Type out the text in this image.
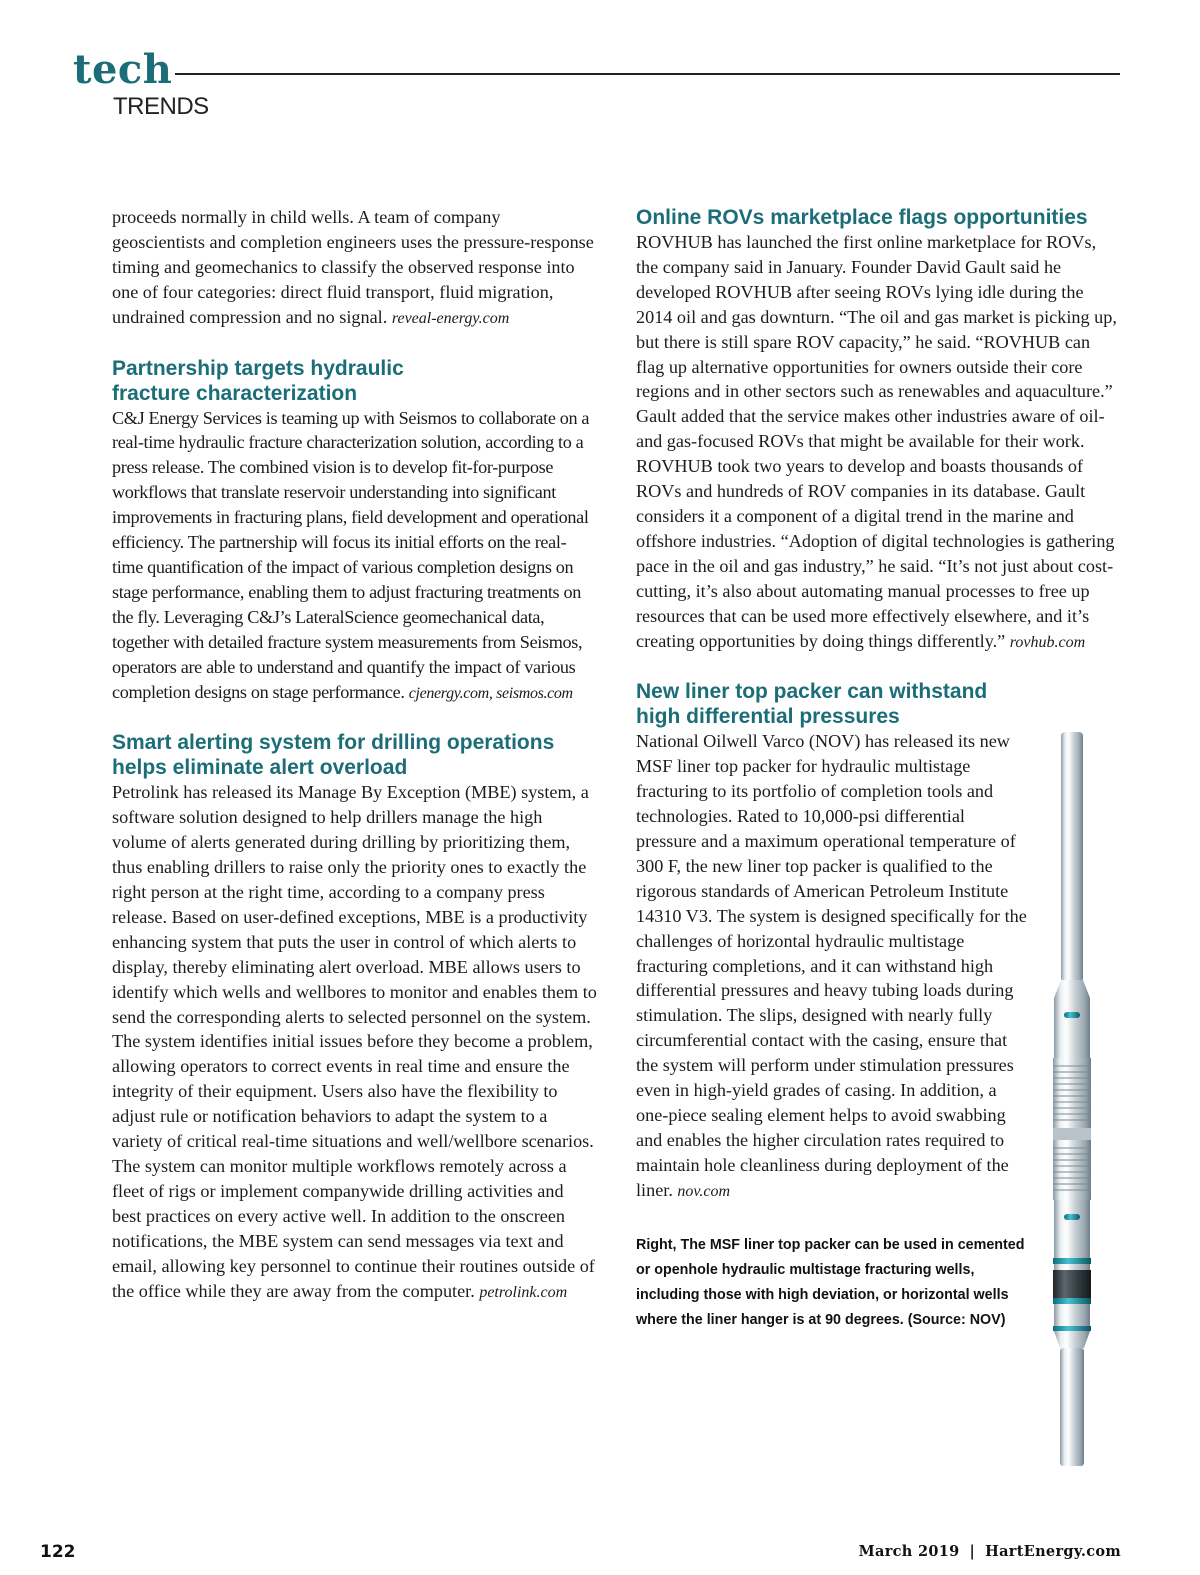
tech
TRENDS

proceeds normally in child wells. A team of company geoscientists and completion engineers uses the pressure-response timing and geomechanics to classify the observed response into one of four categories: direct fluid transport, fluid migration, undrained compression and no signal. reveal-energy.com

Partnership targets hydraulic fracture characterization

C&J Energy Services is teaming up with Seismos to collaborate on a real-time hydraulic fracture characterization solution, according to a press release. The combined vision is to develop fit-for-purpose workflows that translate reservoir understanding into significant improvements in fracturing plans, field development and operational efficiency. The partnership will focus its initial efforts on the real-time quantification of the impact of various completion designs on stage performance, enabling them to adjust fracturing treatments on the fly. Leveraging C&J’s LateralScience geomechanical data, together with detailed fracture system measurements from Seismos, operators are able to understand and quantify the impact of various completion designs on stage performance. cjenergy.com, seismos.com

Smart alerting system for drilling operations helps eliminate alert overload

Petrolink has released its Manage By Exception (MBE) system, a software solution designed to help drillers manage the high volume of alerts generated during drilling by prioritizing them, thus enabling drillers to raise only the priority ones to exactly the right person at the right time, according to a company press release. Based on user-defined exceptions, MBE is a productivity enhancing system that puts the user in control of which alerts to display, thereby eliminating alert overload. MBE allows users to identify which wells and wellbores to monitor and enables them to send the corresponding alerts to selected personnel on the system. The system identifies initial issues before they become a problem, allowing operators to correct events in real time and ensure the integrity of their equipment. Users also have the flexibility to adjust rule or notification behaviors to adapt the system to a variety of critical real-time situations and well/wellbore scenarios. The system can monitor multiple workflows remotely across a fleet of rigs or implement companywide drilling activities and best practices on every active well. In addition to the onscreen notifications, the MBE system can send messages via text and email, allowing key personnel to continue their routines outside of the office while they are away from the computer. petrolink.com

Online ROVs marketplace flags opportunities

ROVHUB has launched the first online marketplace for ROVs, the company said in January. Founder David Gault said he developed ROVHUB after seeing ROVs lying idle during the 2014 oil and gas downturn. “The oil and gas market is picking up, but there is still spare ROV capacity,” he said. “ROVHUB can flag up alternative opportunities for owners outside their core regions and in other sectors such as renewables and aquaculture.” Gault added that the service makes other industries aware of oil- and gas-focused ROVs that might be available for their work. ROVHUB took two years to develop and boasts thousands of ROVs and hundreds of ROV companies in its database. Gault considers it a component of a digital trend in the marine and offshore industries. “Adoption of digital technologies is gathering pace in the oil and gas industry,” he said. “It’s not just about cost-cutting, it’s also about automating manual processes to free up resources that can be used more effectively elsewhere, and it’s creating opportunities by doing things differently.” rovhub.com

New liner top packer can withstand high differential pressures

National Oilwell Varco (NOV) has released its new MSF liner top packer for hydraulic multistage fracturing to its portfolio of completion tools and technologies. Rated to 10,000-psi differential pressure and a maximum operational temperature of 300 F, the new liner top packer is qualified to the rigorous standards of American Petroleum Institute 14310 V3. The system is designed specifically for the challenges of horizontal hydraulic multistage fracturing completions, and it can withstand high differential pressures and heavy tubing loads during stimulation. The slips, designed with nearly fully circumferential contact with the casing, ensure that the system will perform under stimulation pressures even in high-yield grades of casing. In addition, a one-piece sealing element helps to avoid swabbing and enables the higher circulation rates required to maintain hole cleanliness during deployment of the liner. nov.com

Right, The MSF liner top packer can be used in cemented or openhole hydraulic multistage fracturing wells, including those with high deviation, or horizontal wells where the liner hanger is at 90 degrees. (Source: NOV)

122	March 2019 | HartEnergy.com
